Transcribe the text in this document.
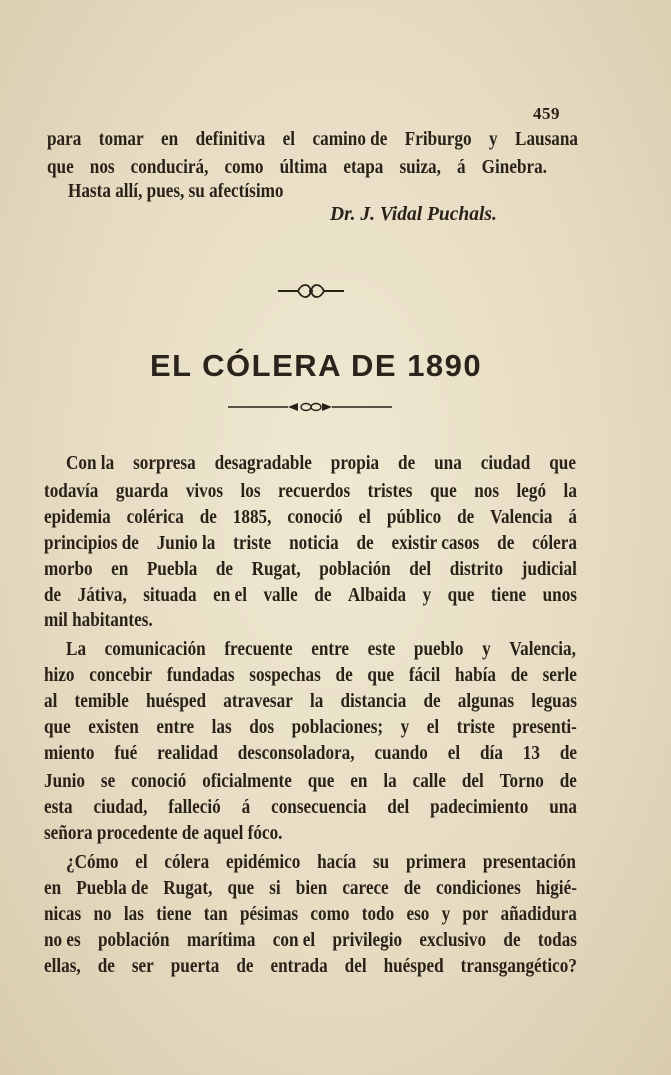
459
para tomar en definitiva el camino de Friburgo y Lausana
que nos conducirá, como última etapa suiza, á Ginebra.
Hasta allí, pues, su afectísimo
Dr. J. Vidal Puchals.
EL CÓLERA DE 1890
Con la sorpresa desagradable propia de una ciudad que
todavía guarda vivos los recuerdos tristes que nos legó la
epidemia colérica de 1885, conoció el público de Valencia á
principios de Junio la triste noticia de existir casos de cólera
morbo en Puebla de Rugat, población del distrito judicial
de Játiva, situada en el valle de Albaida y que tiene unos
mil habitantes.
La comunicación frecuente entre este pueblo y Valencia,
hizo concebir fundadas sospechas de que fácil había de serle
al temible huésped atravesar la distancia de algunas leguas
que existen entre las dos poblaciones; y el triste presenti-
miento fué realidad desconsoladora, cuando el día 13 de
Junio se conoció oficialmente que en la calle del Torno de
esta ciudad, falleció á consecuencia del padecimiento una
señora procedente de aquel fóco.
¿Cómo el cólera epidémico hacía su primera presentación
en Puebla de Rugat, que si bien carece de condiciones higié-
nicas no las tiene tan pésimas como todo eso y por añadidura
no es población marítima con el privilegio exclusivo de todas
ellas, de ser puerta de entrada del huésped transgangético?
